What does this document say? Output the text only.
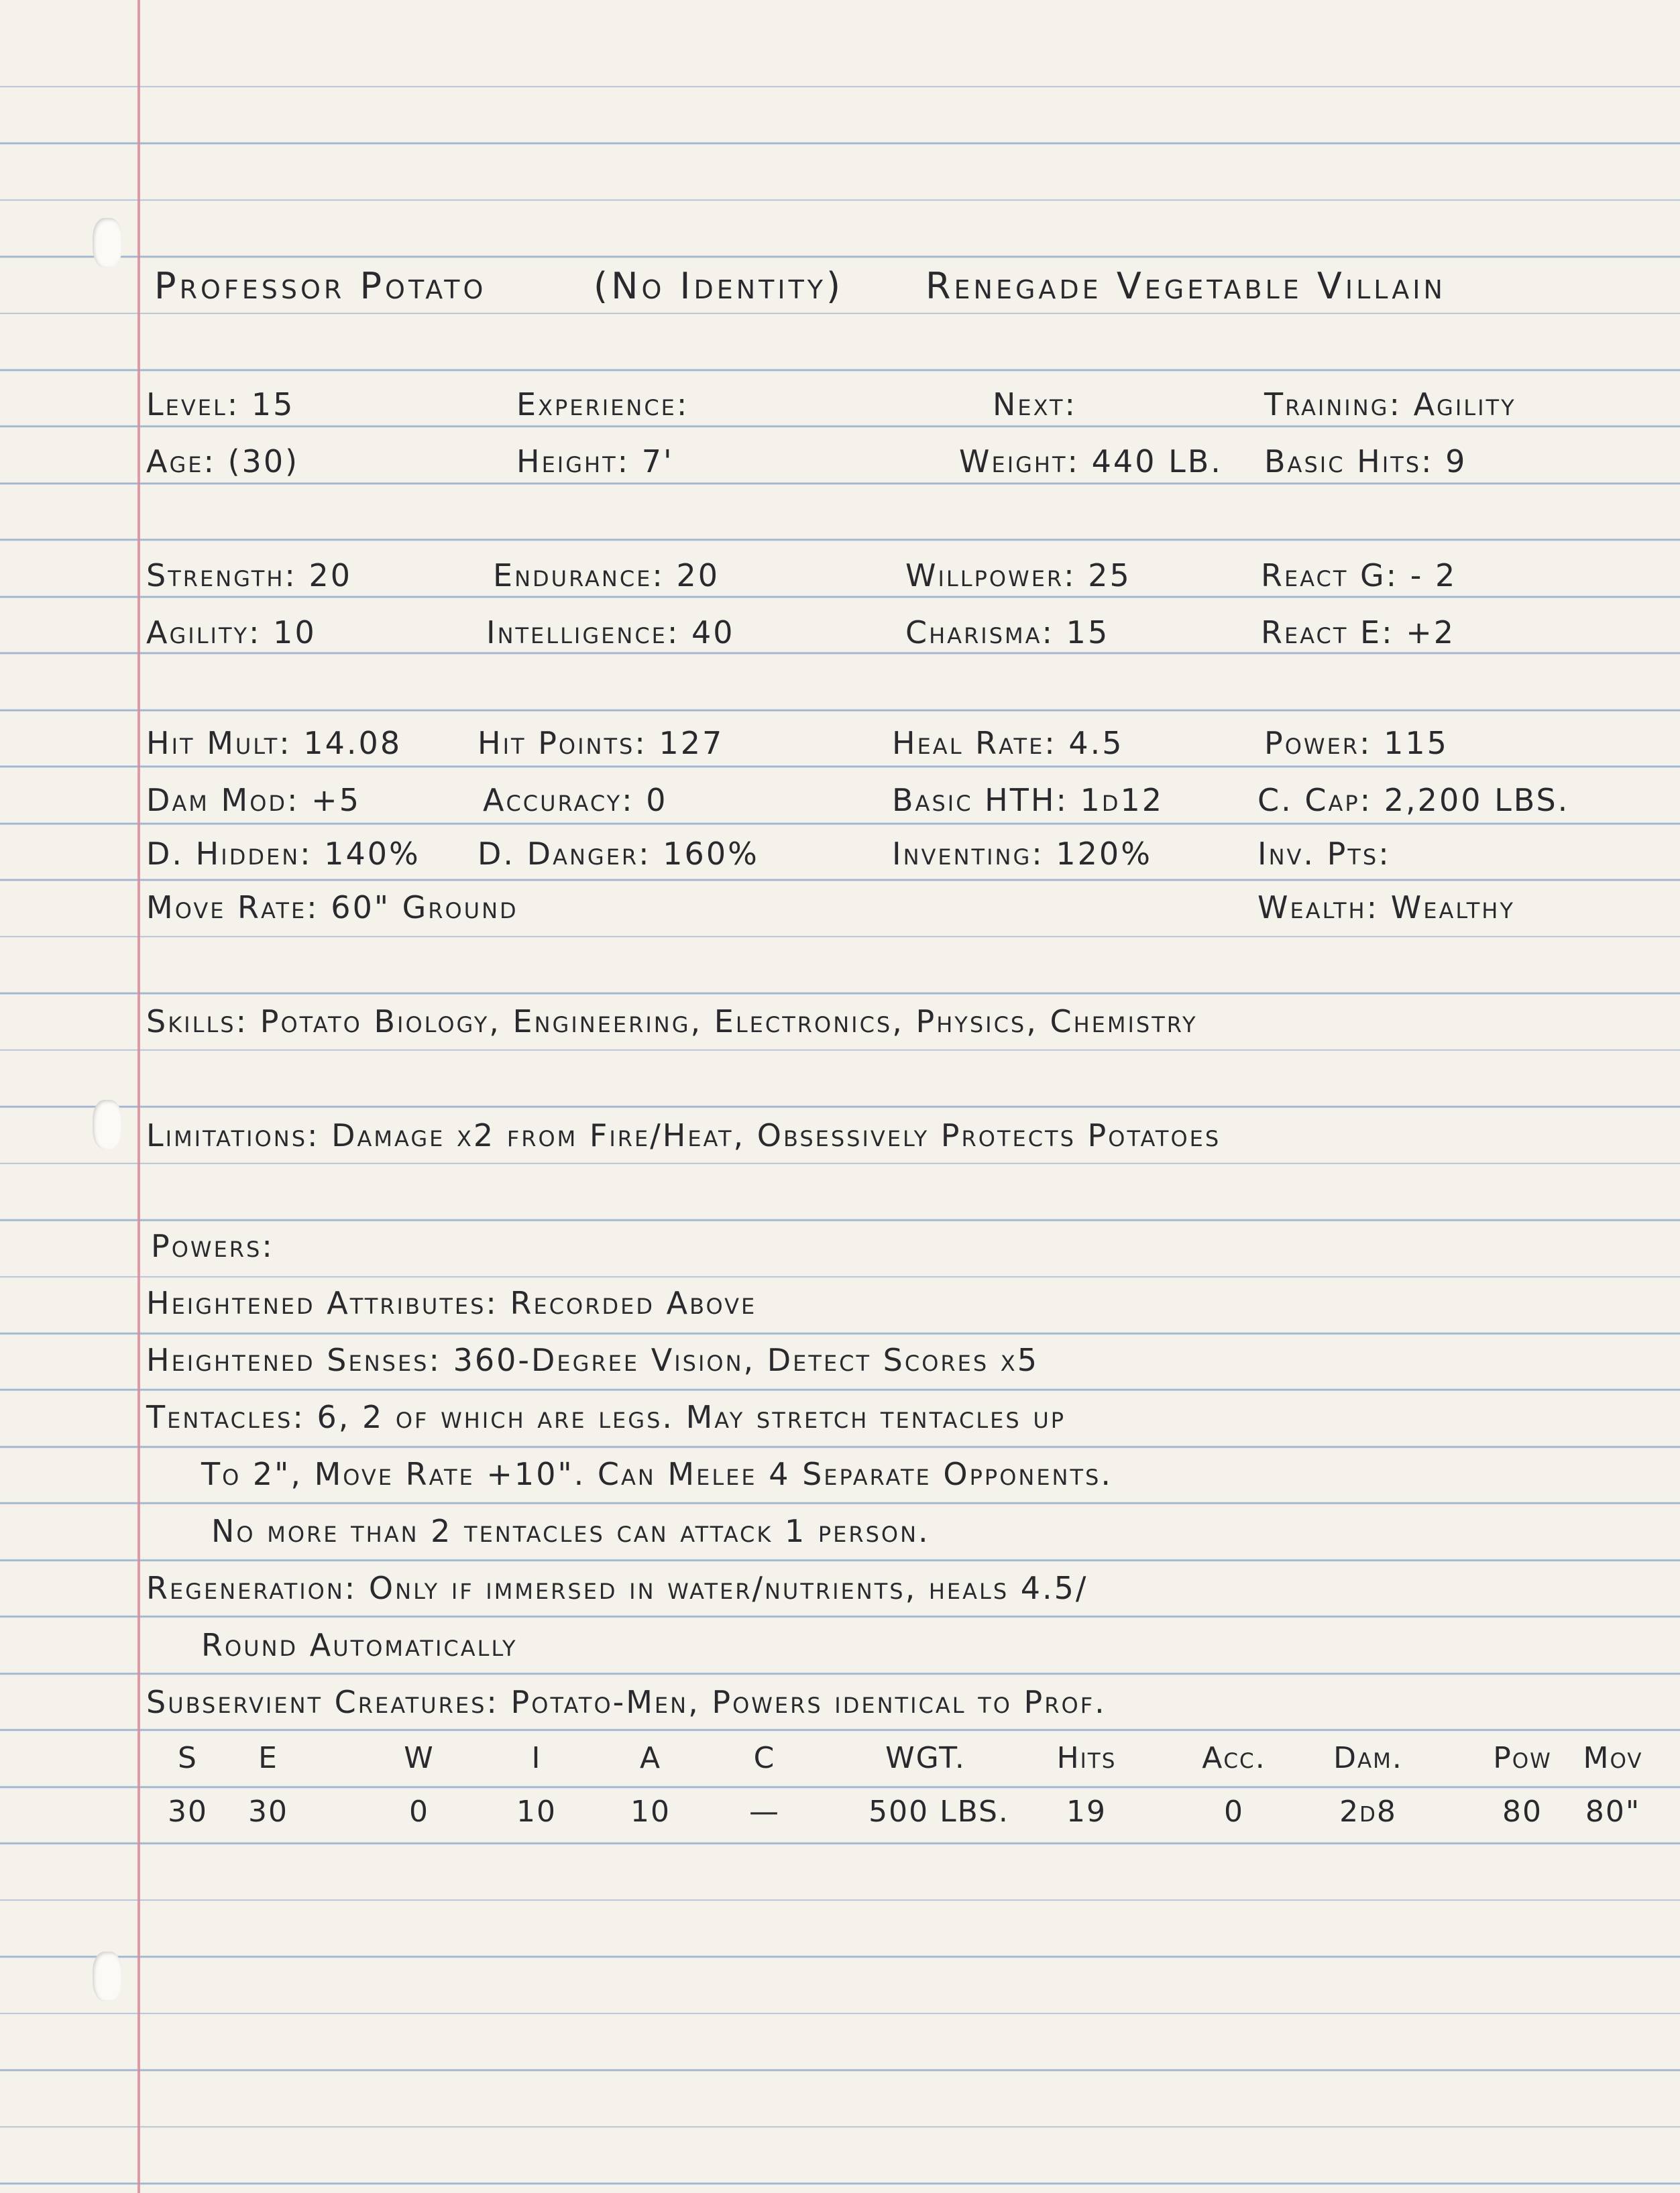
Professor Potato	(No Identity) Renegade Vegetable Villain
Level: 15	Experience:	Next:	Training: Agility
Age: (30)	Height: 7'	Weight: 440 LB. Basic Hits: 9
Strength: 20	Endurance: 20	Willpower: 25	React G: - 2
Agility: 10	Intelligence: 40	Charisma: 15	React E: +2
Hit Mult: 14.08 Hit Points: 127	Heal Rate: 4.5	Power: 115
Dam Mod: +5	Accuracy: 0	Basic HTH: 1d12	C. Cap: 2,200 LBS.
D. Hidden: 140% D. Danger: 160%	Inventing: 120%	Inv. Pts:
Move Rate: 60" Ground	Wealth: Wealthy
Skills: Potato Biology, Engineering, Electronics, Physics, Chemistry
Limitations: Damage x2 from Fire/Heat, Obsessively Protects Potatoes
Powers:
Heightened Attributes: Recorded Above
Heightened Senses: 360-Degree Vision, Detect Scores x5
Tentacles: 6, 2 of which are legs. May stretch tentacles up
To 2", Move Rate +10". Can Melee 4 Separate Opponents.
No more than 2 tentacles can attack 1 person.
Regeneration: Only if immersed in water/nutrients, heals 4.5/
Round Automatically
Subservient Creatures: Potato-Men, Powers identical to Prof.
S	E	W	I	A	C	WGT.	Hits	Acc.	Dam.	Pow	Mov
30	30	0	10	10	—	500 LBS.	19	0	2d8	80	80"
